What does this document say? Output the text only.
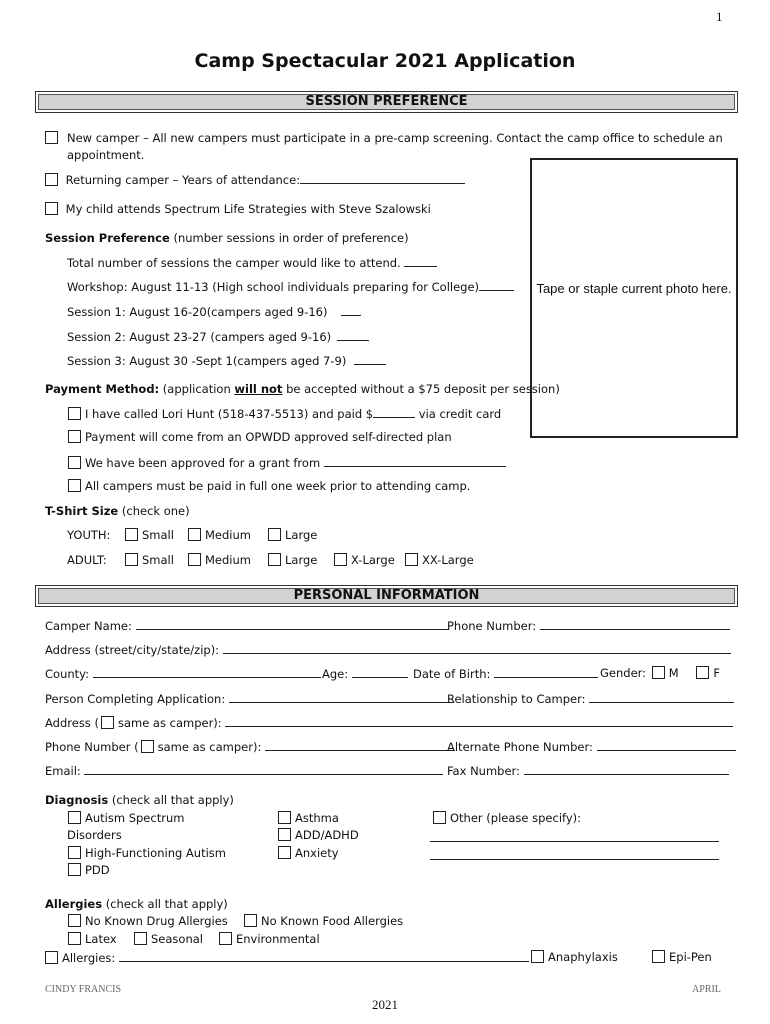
1
Camp Spectacular 2021 Application
SESSION PREFERENCE
New camper – All new campers must participate in a pre-camp screening. Contact the camp office to schedule an
appointment.
Returning camper – Years of attendance:
My child attends Spectrum Life Strategies with Steve Szalowski
Session Preference (number sessions in order of preference)
Total number of sessions the camper would like to attend.
Workshop: August 11-13 (High school individuals preparing for College)
Session 1: August 16-20(campers aged 9-16)
Session 2: August 23-27 (campers aged 9-16)
Session 3: August 30 -Sept 1(campers aged 7-9)
Tape or staple current photo here.
Payment Method: (application will not be accepted without a $75 deposit per session)
I have called Lori Hunt (518-437-5513) and paid $	via credit card
Payment will come from an OPWDD approved self-directed plan
We have been approved for a grant from
All campers must be paid in full one week prior to attending camp.
T-Shirt Size (check one)
YOUTH:	Small	Medium	Large
ADULT:	Small	Medium	Large	X-Large	XX-Large
PERSONAL INFORMATION
Camper Name:	Phone Number:
Address (street/city/state/zip):
County:	Age:	Date of Birth:	Gender: M	F
Person Completing Application:	Relationship to Camper:
Address ( same as camper):
Phone Number ( same as camper):	Alternate Phone Number:
Email:	Fax Number:
Diagnosis (check all that apply)
Autism Spectrum
Disorders
High-Functioning Autism
PDD
Asthma
ADD/ADHD
Anxiety
Other (please specify):
Allergies (check all that apply)
No Known Drug Allergies	No Known Food Allergies
Latex	Seasonal	Environmental
Allergies:	Anaphylaxis	Epi-Pen
CINDY FRANCIS	APRIL
2021
